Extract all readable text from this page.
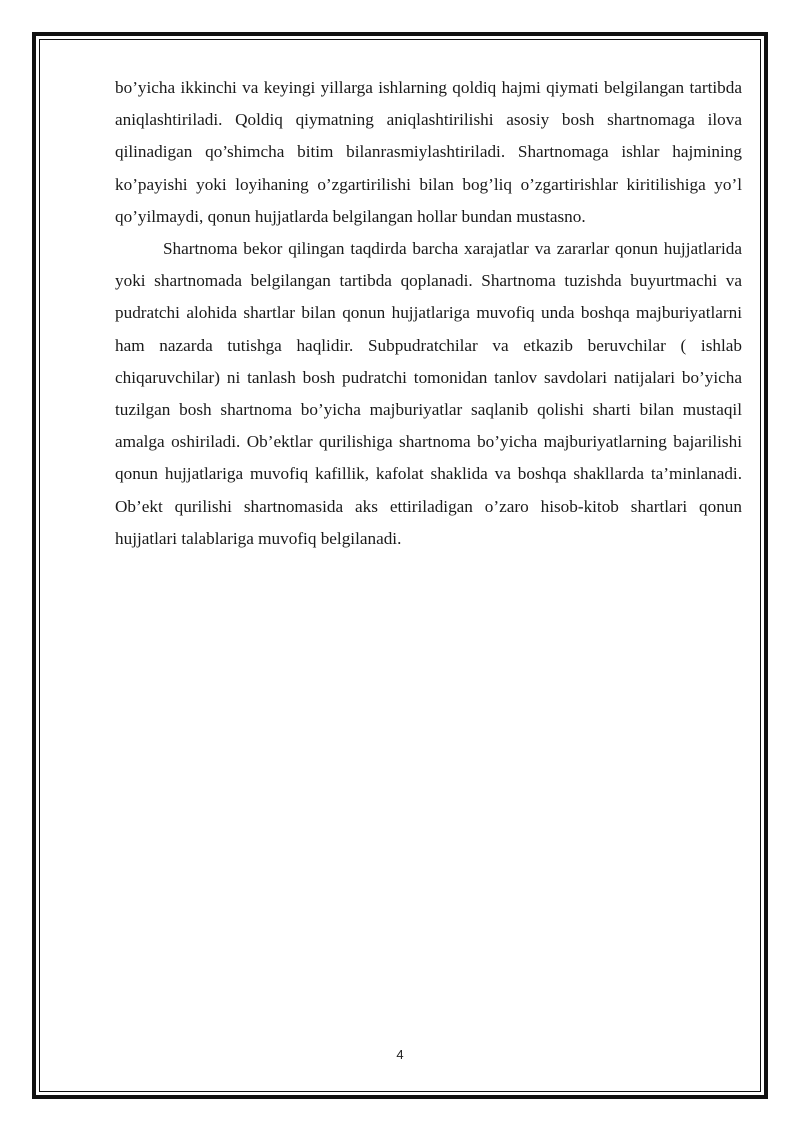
bo’yicha ikkinchi va keyingi yillarga ishlarning qoldiq hajmi qiymati belgilangan tartibda aniqlashtiriladi. Qoldiq qiymatning aniqlashtirilishi asosiy bosh shartnomaga ilova qilinadigan qo’shimcha bitim bilanrasmiylashtiriladi. Shartnomaga ishlar hajmining ko’payishi yoki loyihaning o’zgartirilishi bilan bog’liq o’zgartirishlar kiritilishiga yo’l qo’yilmaydi, qonun hujjatlarda belgilangan hollar bundan mustasno.

Shartnoma bekor qilingan taqdirda barcha xarajatlar va zararlar qonun hujjatlarida yoki shartnomada belgilangan tartibda qoplanadi. Shartnoma tuzishda buyurtmachi va pudratchi alohida shartlar bilan qonun hujjatlariga muvofiq unda boshqa majburiyatlarni ham nazarda tutishga haqlidir. Subpudratchilar va etkazib beruvchilar ( ishlab chiqaruvchilar) ni tanlash bosh pudratchi tomonidan tanlov savdolari natijalari bo’yicha tuzilgan bosh shartnoma bo’yicha majburiyatlar saqlanib qolishi sharti bilan mustaqil amalga oshiriladi. Ob’ektlar qurilishiga shartnoma bo’yicha majburiyatlarning bajarilishi qonun hujjatlariga muvofiq kafillik, kafolat shaklida va boshqa shakllarda ta’minlanadi. Ob’ekt qurilishi shartnomasida aks ettiriladigan o’zaro hisob-kitob shartlari qonun hujjatlari talablariga muvofiq belgilanadi.

4
